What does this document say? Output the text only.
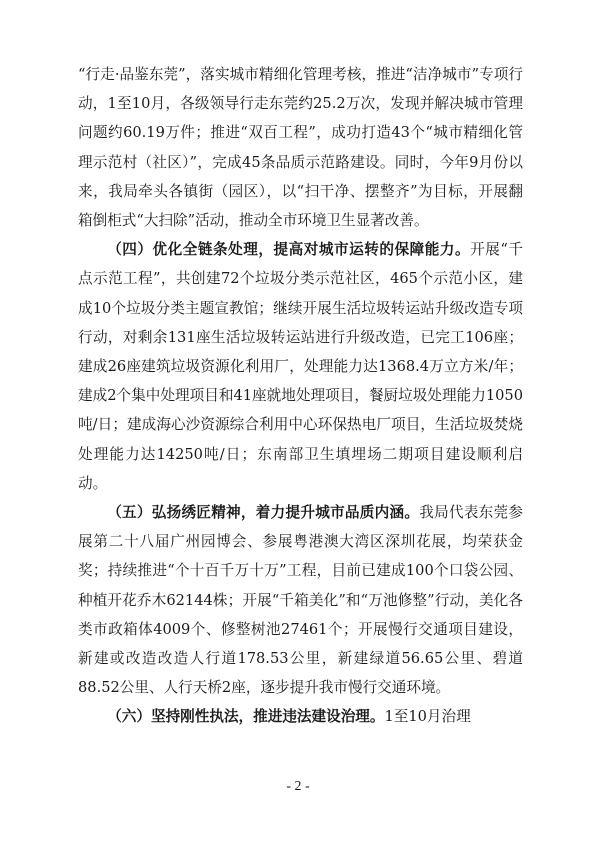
“行走·品鉴东莞”，落实城市精细化管理考核，推进“洁净城市”专项行动，1至10月，各级领导行走东莞约25.2万次，发现并解决城市管理问题约60.19万件；推进“双百工程”，成功打造43个“城市精细化管理示范村（社区）”，完成45条品质示范路建设。同时，今年9月份以来，我局牵头各镇街（园区），以“扫干净、摆整齐”为目标，开展翻箱倒柜式“大扫除”活动，推动全市环境卫生显著改善。

（四）优化全链条处理，提高对城市运转的保障能力。开展“千点示范工程”，共创建72个垃圾分类示范社区，465个示范小区，建成10个垃圾分类主题宣教馆；继续开展生活垃圾转运站升级改造专项行动，对剩余131座生活垃圾转运站进行升级改造，已完工106座；建成26座建筑垃圾资源化利用厂，处理能力达1368.4万立方米/年；建成2个集中处理项目和41座就地处理项目，餐厨垃圾处理能力1050吨/日；建成海心沙资源综合利用中心环保热电厂项目，生活垃圾焚烧处理能力达14250吨/日；东南部卫生填埋场二期项目建设顺利启动。

（五）弘扬绣匠精神，着力提升城市品质内涵。我局代表东莞参展第二十八届广州园博会、参展粤港澳大湾区深圳花展，均荣获金奖；持续推进“个十百千万十万”工程，目前已建成100个口袋公园、种植开花乔木62144株；开展“千箱美化”和“万池修整”行动，美化各类市政箱体4009个、修整树池27461个；开展慢行交通项目建设，新建或改造改造人行道178.53公里，新建绿道56.65公里、碧道88.52公里、人行天桥2座，逐步提升我市慢行交通环境。

（六）坚持刚性执法，推进违法建设治理。1至10月治理

- 2 -
